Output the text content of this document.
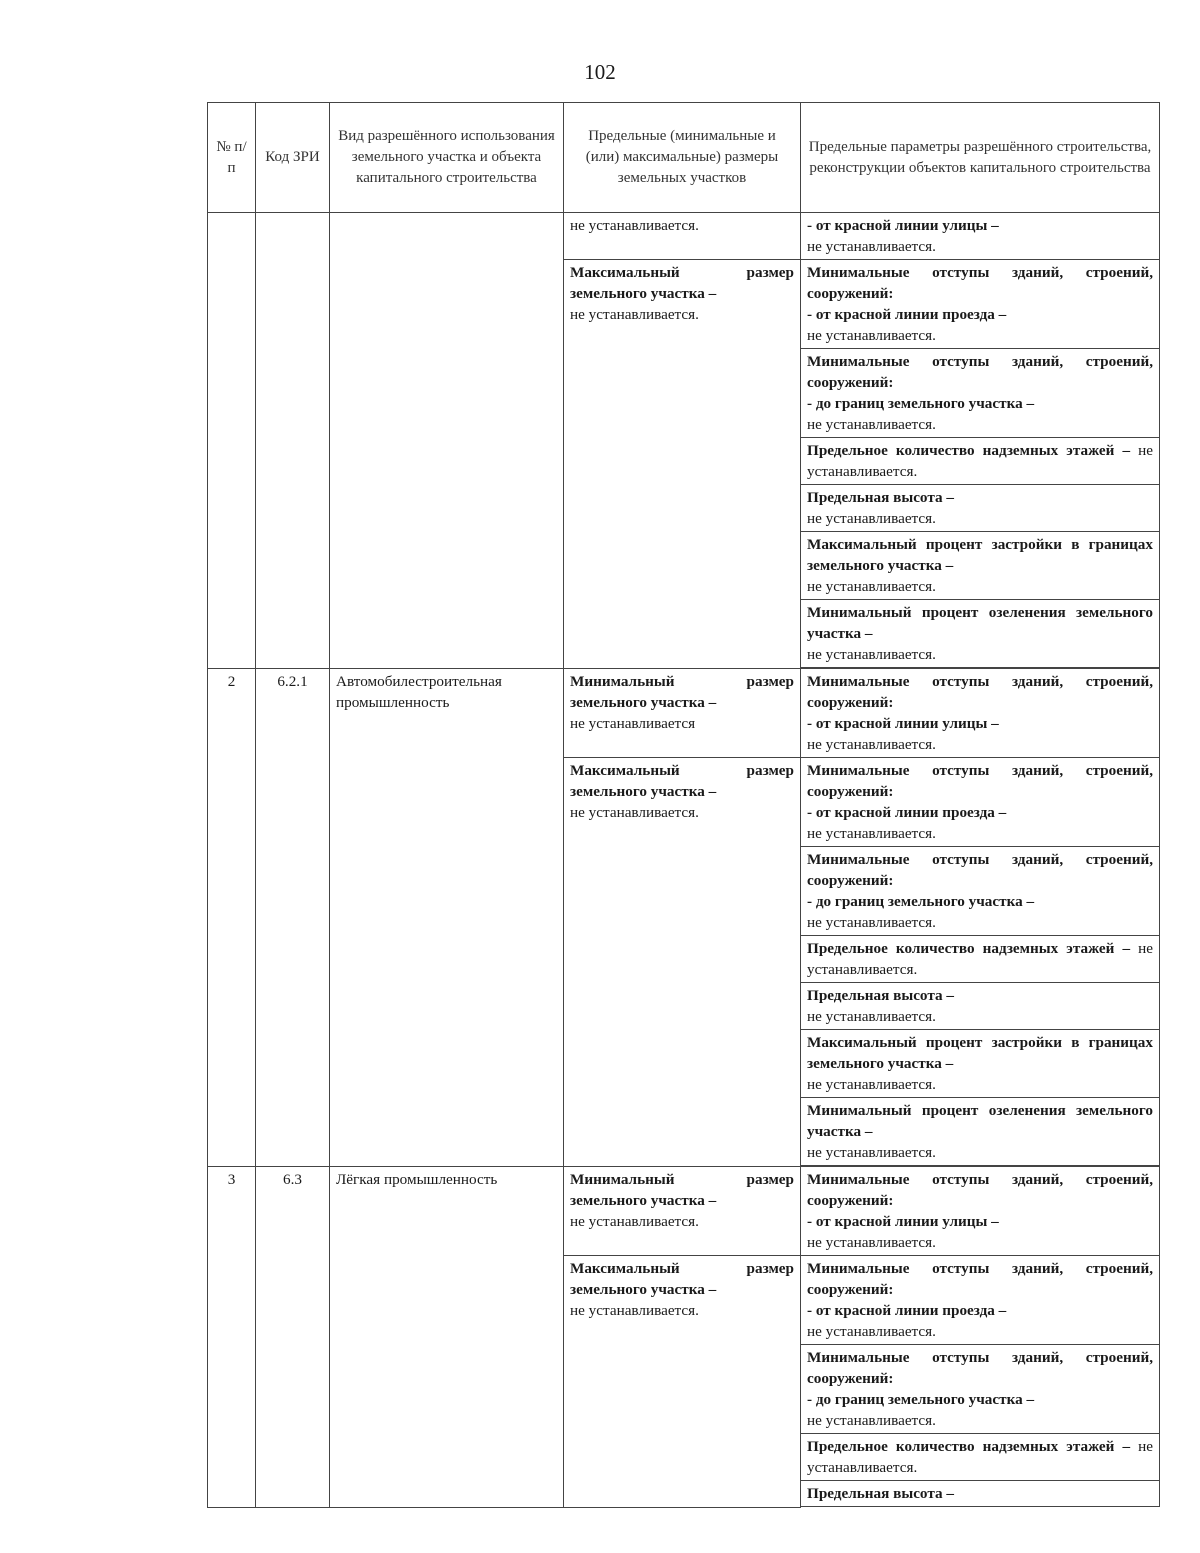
102
№ п/п	Код ЗРИ	Вид разрешённого использования земельного участка и объекта капитального строительства	Предельные (минимальные и (или) максимальные) размеры земельных участков	Предельные параметры разрешённого строительства, реконструкции объектов капитального строительства
			не устанавливается.	- от красной линии улицы –
не устанавливается.

			Максимальный размер земельного участка –
не устанавливается.	Минимальные отступы зданий, строений, сооружений:
- от красной линии проезда –
не устанавливается.

				Минимальные отступы зданий, строений, сооружений:
- до границ земельного участка –
не устанавливается.
				Предельное количество надземных этажей – не устанавливается.

				Предельная высота –
не устанавливается.

				Максимальный процент застройки в границах земельного участка –
не устанавливается.

				Минимальный процент озеленения земельного участка –
не устанавливается.

2	6.2.1	Автомобилестроительная промышленность	Минимальный размер земельного участка –
не устанавливается	Минимальные отступы зданий, строений, сооружений:
- от красной линии улицы –
не устанавливается.

			Максимальный размер земельного участка –
не устанавливается.	Минимальные отступы зданий, строений, сооружений:
- от красной линии проезда –
не устанавливается.

				Минимальные отступы зданий, строений, сооружений:
- до границ земельного участка –
не устанавливается.
				Предельное количество надземных этажей – не устанавливается.

				Предельная высота –
не устанавливается.

				Максимальный процент застройки в границах земельного участка –
не устанавливается.

				Минимальный процент озеленения земельного участка –
не устанавливается.

3	6.3	Лёгкая промышленность	Минимальный размер земельного участка –
не устанавливается.	Минимальные отступы зданий, строений, сооружений:
- от красной линии улицы –
не устанавливается.

			Максимальный размер земельного участка –
не устанавливается.	Минимальные отступы зданий, строений, сооружений:
- от красной линии проезда –
не устанавливается.

				Минимальные отступы зданий, строений, сооружений:
- до границ земельного участка –
не устанавливается.
				Предельное количество надземных этажей – не устанавливается.

				Предельная высота –
